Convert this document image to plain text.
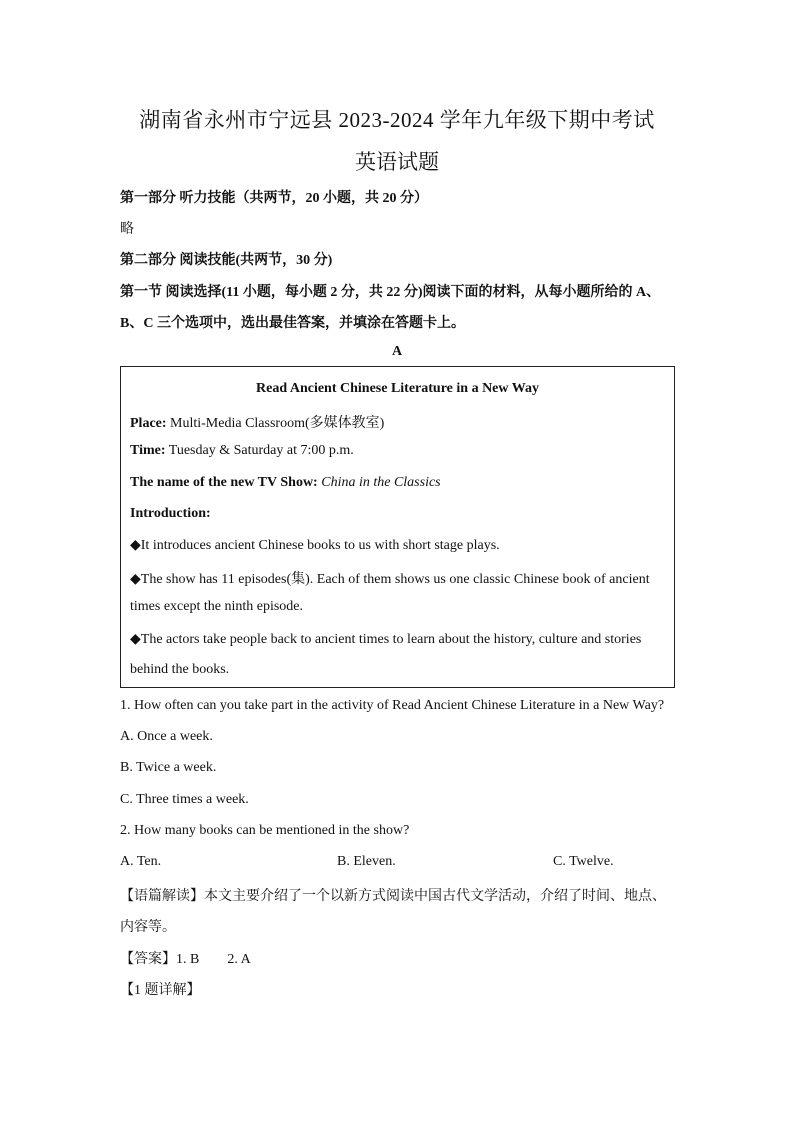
湖南省永州市宁远县 2023-2024 学年九年级下期中考试
英语试题
第一部分 听力技能（共两节，20 小题，共 20 分）
略
第二部分 阅读技能(共两节，30 分)
第一节 阅读选择(11 小题，每小题 2 分，共 22 分)阅读下面的材料，从每小题所给的 A、
B、C 三个选项中，选出最佳答案，并填涂在答题卡上。
A
Read Ancient Chinese Literature in a New Way
Place: Multi-Media Classroom(多媒体教室)
Time: Tuesday & Saturday at 7:00 p.m.
The name of the new TV Show: China in the Classics
Introduction:
◆It introduces ancient Chinese books to us with short stage plays.
◆The show has 11 episodes(集). Each of them shows us one classic Chinese book of ancient
times except the ninth episode.
◆The actors take people back to ancient times to learn about the history, culture and stories
behind the books.
1. How often can you take part in the activity of Read Ancient Chinese Literature in a New Way?
A. Once a week.
B. Twice a week.
C. Three times a week.
2. How many books can be mentioned in the show?
A. Ten.	B. Eleven.	C. Twelve.
【语篇解读】本文主要介绍了一个以新方式阅读中国古代文学活动，介绍了时间、地点、
内容等。
【答案】1. B 2. A
【1 题详解】
